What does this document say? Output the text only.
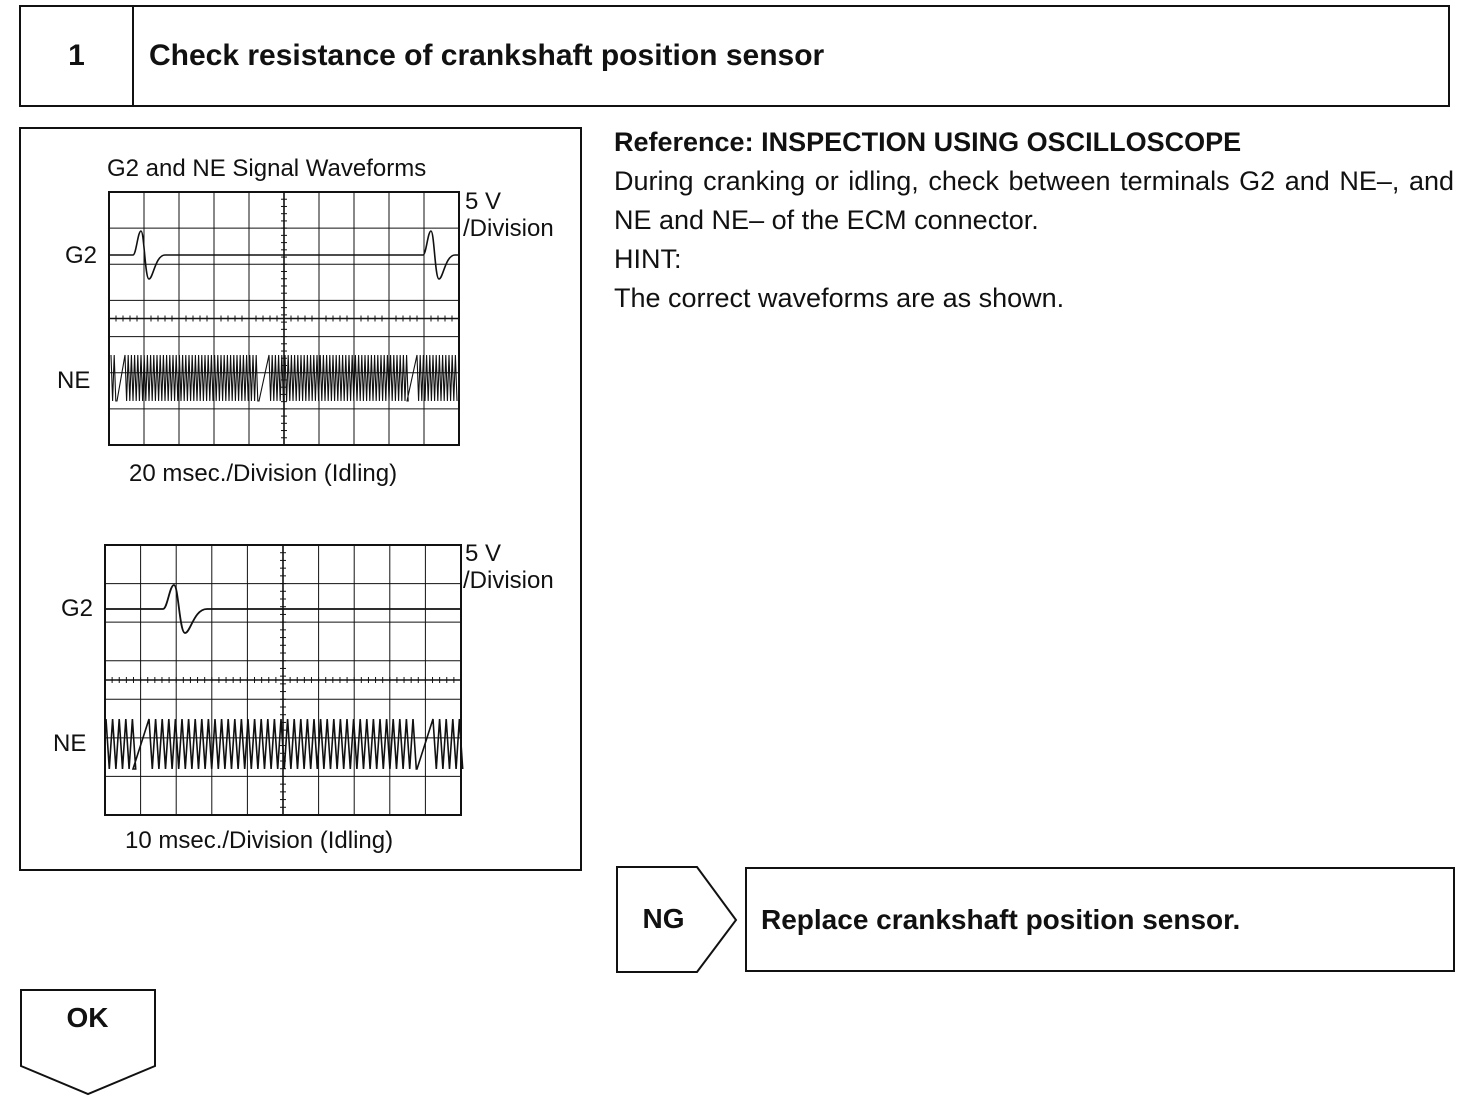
1	Check resistance of crankshaft position sensor
G2 and NE Signal Waveforms
5 V
/Division
G2
NE
20 msec./Division (Idling)
5 V
/Division
G2
NE
10 msec./Division (Idling)
Reference: INSPECTION USING OSCILLOSCOPE
During cranking or idling, check between terminals G2 and NE–, and NE and NE– of the ECM connector.
HINT:
The correct waveforms are as shown.
NG	Replace crankshaft position sensor.
OK
